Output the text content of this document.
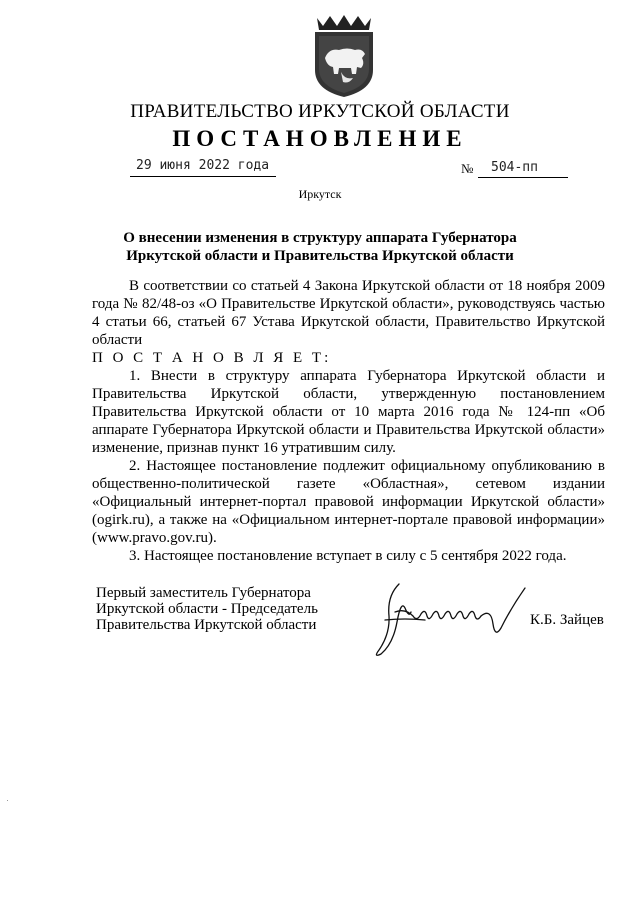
ПРАВИТЕЛЬСТВО ИРКУТСКОЙ ОБЛАСТИ
ПОСТАНОВЛЕНИЕ
29 июня 2022 года	№ 504-пп
Иркутск
О внесении изменения в структуру аппарата Губернатора Иркутской области и Правительства Иркутской области

В соответствии со статьей 4 Закона Иркутской области от 18 ноября 2009 года № 82/48-оз «О Правительстве Иркутской области», руководствуясь частью 4 статьи 66, статьей 67 Устава Иркутской области, Правительство Иркутской области

П О С Т А Н О В Л Я Е Т:

1. Внести в структуру аппарата Губернатора Иркутской области и Правительства Иркутской области, утвержденную постановлением Правительства Иркутской области от 10 марта 2016 года № 124-пп «Об аппарате Губернатора Иркутской области и Правительства Иркутской области» изменение, признав пункт 16 утратившим силу.

2. Настоящее постановление подлежит официальному опубликованию в общественно-политической газете «Областная», сетевом издании «Официальный интернет-портал правовой информации Иркутской области» (ogirk.ru), а также на «Официальном интернет-портале правовой информации» (www.pravo.gov.ru).

3. Настоящее постановление вступает в силу с 5 сентября 2022 года.

Первый заместитель Губернатора
Иркутской области - Председатель
Правительства Иркутской области	К.Б. Зайцев
